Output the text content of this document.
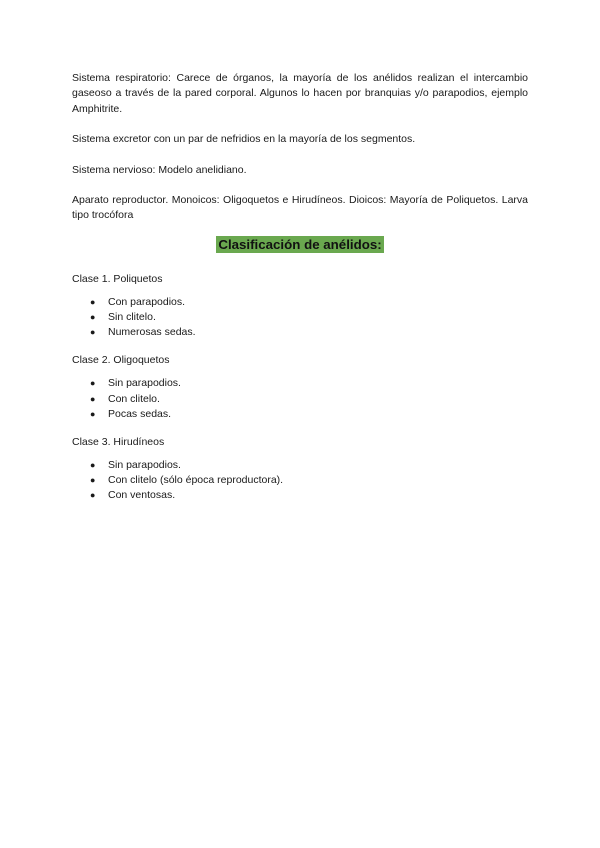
Sistema respiratorio: Carece de órganos, la mayoría de los anélidos realizan el intercambio gaseoso a través de la pared corporal. Algunos lo hacen por branquias y/o parapodios, ejemplo Amphitrite.

Sistema excretor con un par de nefridios en la mayoría de los segmentos.

Sistema nervioso: Modelo anelidiano.

Aparato reproductor. Monoicos: Oligoquetos e Hirudíneos. Dioicos: Mayoría de Poliquetos. Larva tipo trocófora

Clasificación de anélidos:

Clase 1. Poliquetos

● Con parapodios.
● Sin clitelo.
● Numerosas sedas.

Clase 2. Oligoquetos

● Sin parapodios.
● Con clitelo.
● Pocas sedas.

Clase 3. Hirudíneos

● Sin parapodios.
● Con clitelo (sólo época reproductora).
● Con ventosas.
